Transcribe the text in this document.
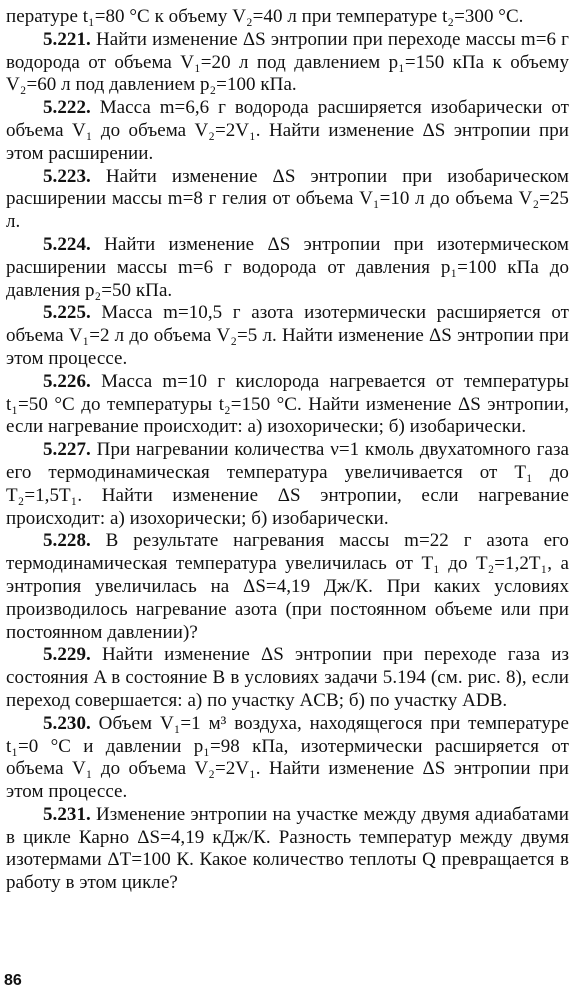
пературе t₁=80 °С к объему V₂=40 л при температуре t₂=300 °С.

5.221. Найти изменение ΔS энтропии при переходе массы m=6 г водорода от объема V₁=20 л под давлением p₁=150 кПа к объему V₂=60 л под давлением p₂=100 кПа.

5.222. Масса m=6,6 г водорода расширяется изобарически от объема V₁ до объема V₂=2V₁. Найти изменение ΔS энтропии при этом расширении.

5.223. Найти изменение ΔS энтропии при изобарическом расширении массы m=8 г гелия от объема V₁=10 л до объема V₂=25 л.

5.224. Найти изменение ΔS энтропии при изотермическом расширении массы m=6 г водорода от давления p₁=100 кПа до давления p₂=50 кПа.

5.225. Масса m=10,5 г азота изотермически расширяется от объема V₁=2 л до объема V₂=5 л. Найти изменение ΔS энтропии при этом процессе.

5.226. Масса m=10 г кислорода нагревается от температуры t₁=50 °С до температуры t₂=150 °С. Найти изменение ΔS энтропии, если нагревание происходит: а) изохорически; б) изобарически.

5.227. При нагревании количества ν=1 кмоль двухатомного газа его термодинамическая температура увеличивается от T₁ до T₂=1,5T₁. Найти изменение ΔS энтропии, если нагревание происходит: а) изохорически; б) изобарически.

5.228. В результате нагревания массы m=22 г азота его термодинамическая температура увеличилась от T₁ до T₂=1,2T₁, а энтропия увеличилась на ΔS=4,19 Дж/К. При каких условиях производилось нагревание азота (при постоянном объеме или при постоянном давлении)?

5.229. Найти изменение ΔS энтропии при переходе газа из состояния A в состояние B в условиях задачи 5.194 (см. рис. 8), если переход совершается: а) по участку ACB; б) по участку ADB.

5.230. Объем V₁=1 м³ воздуха, находящегося при температуре t₁=0 °С и давлении p₁=98 кПа, изотермически расширяется от объема V₁ до объема V₂=2V₁. Найти изменение ΔS энтропии при этом процессе.

5.231. Изменение энтропии на участке между двумя адиабатами в цикле Карно ΔS=4,19 кДж/К. Разность температур между двумя изотермами ΔT=100 К. Какое количество теплоты Q превращается в работу в этом цикле?

86
